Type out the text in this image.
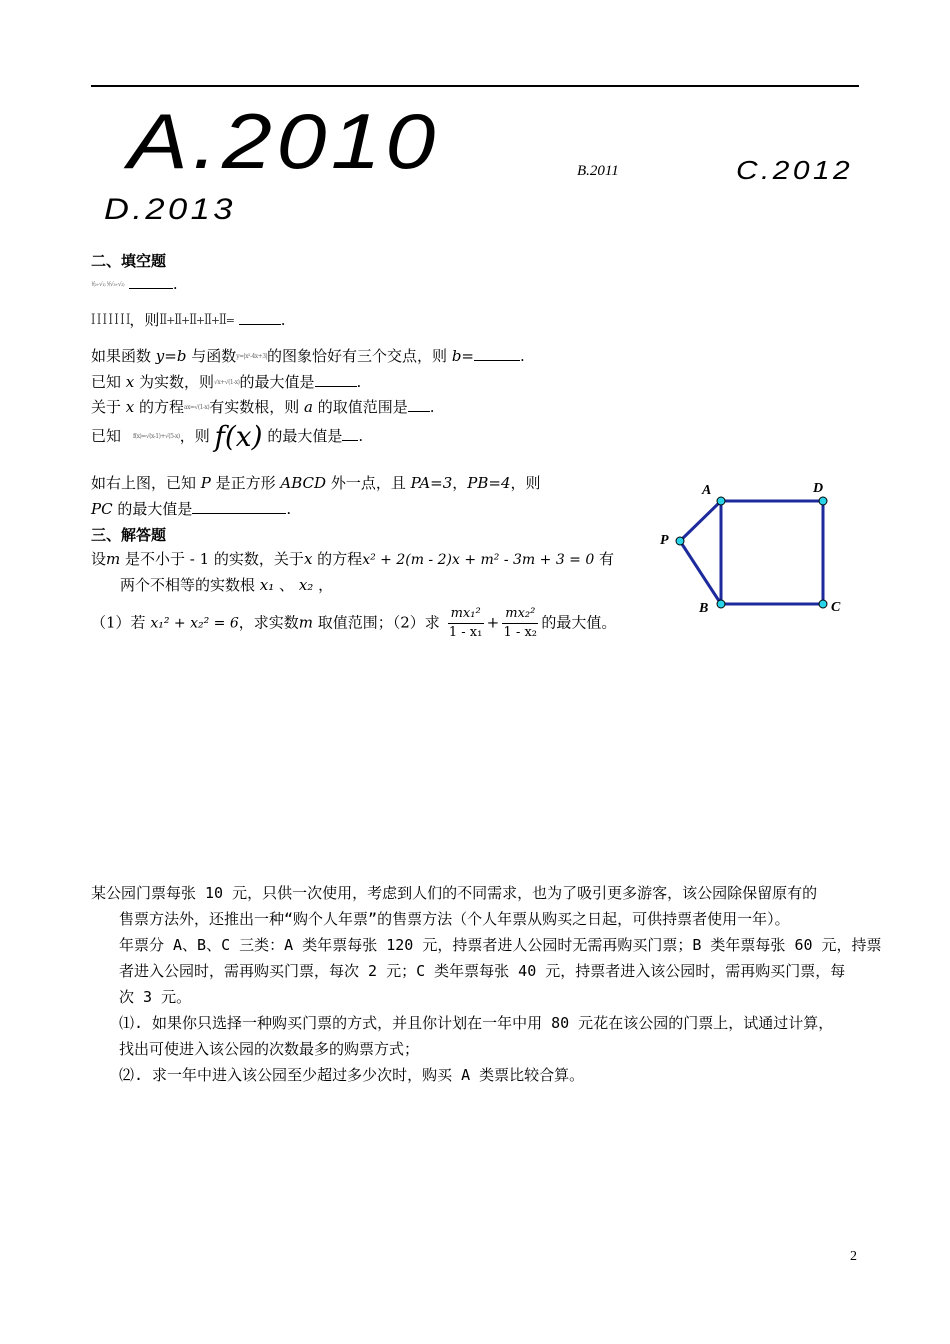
A.2010	B.2011	C.2012
D.2013
二、填空题
¹⁄₍₂₊√₁₎ ¹⁄₍√₃₊√₂₎	.
ꟾ ꟾ ꟾ ꟾ ꟾ ꟾ ꟾ，则ꟾꟾ+ꟾꟾ+ꟾꟾ+ꟾꟾ+ꟾꟾ=	.
如果函数 y=b 与函数y=|x²-4x+3|的图象恰好有三个交点，则 b=	.
已知 x 为实数，则√x+√(1-x)的最大值是	.
关于 x 的方程ax=√(1-x)有实数根，则 a 的取值范围是 .
已知 f(x)=√(x-1)+√(5-x)，则 f(x) 的最大值是 .
如右上图，已知 P 是正方形 ABCD 外一点，且 PA=3，PB=4，则
PC 的最大值是	.
三、解答题
设m 是不小于 - 1 的实数，关于x 的方程x² + 2(m - 2)x + m² - 3m + 3 = 0 有
两个不相等的实数根 x₁ 、 x₂ ，
（1）若 x₁² + x₂² = 6，求实数m 取值范围；（2）求 $\frac{\text{mx₁²}}{\text{1 - x₁}} + \frac{\text{mx₂²}}{\text{1 - x₂}}$ 的最大值。
A	D
C
B
P
某公园门票每张 10 元，只供一次使用，考虑到人们的不同需求，也为了吸引更多游客，该公园除保留原有的
售票方法外，还推出一种“购个人年票”的售票方法（个人年票从购买之日起，可供持票者使用一年）。
年票分 A、B、C 三类：A 类年票每张 120 元，持票者进人公园时无需再购买门票；B 类年票每张 60 元，持票
者进入公园时，需再购买门票，每次 2 元；C 类年票每张 40 元，持票者进入该公园时，需再购买门票，每
次 3 元。
⑴. 如果你只选择一种购买门票的方式，并且你计划在一年中用 80 元花在该公园的门票上，试通过计算，
找出可使进入该公园的次数最多的购票方式；
⑵. 求一年中进入该公园至少超过多少次时，购买 A 类票比较合算。
2
